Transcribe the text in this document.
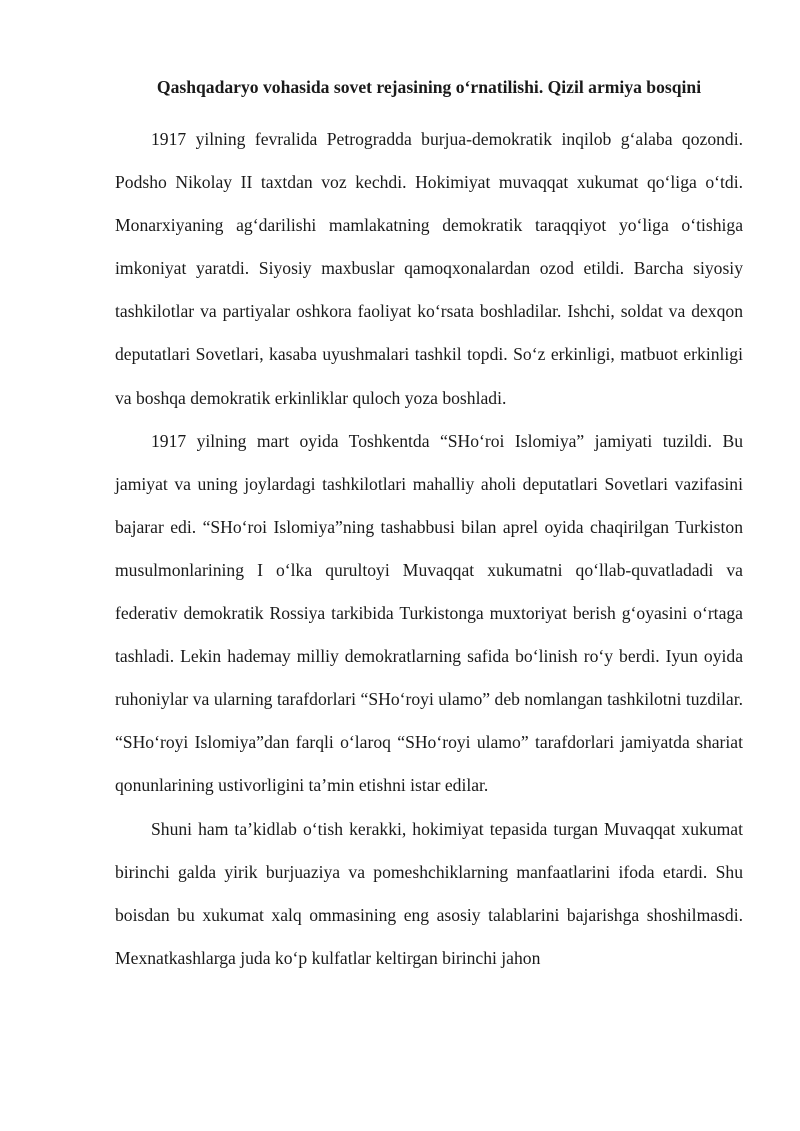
Qashqadaryo vohasida sovet rejasining o‘rnatilishi. Qizil armiya bosqini

1917 yilning fevralida Petrogradda burjua-demokratik inqilob g‘alaba qozondi. Podsho Nikolay II taxtdan voz kechdi. Hokimiyat muvaqqat xukumat qo‘liga o‘tdi. Monarxiyaning ag‘darilishi mamlakatning demokratik taraqqiyot yo‘liga o‘tishiga imkoniyat yaratdi. Siyosiy maxbuslar qamoqxonalardan ozod etildi. Barcha siyosiy tashkilotlar va partiyalar oshkora faoliyat ko‘rsata boshladilar. Ishchi, soldat va dexqon deputatlari Sovetlari, kasaba uyushmalari tashkil topdi. So‘z erkinligi, matbuot erkinligi va boshqa demokratik erkinliklar quloch yoza boshladi.

1917 yilning mart oyida Toshkentda “SHo‘roi Islomiya” jamiyati tuzildi. Bu jamiyat va uning joylardagi tashkilotlari mahalliy aholi deputatlari Sovetlari vazifasini bajarar edi. “SHo‘roi Islomiya”ning tashabbusi bilan aprel oyida chaqirilgan Turkiston musulmonlarining I o‘lka qurultoyi Muvaqqat xukumatni qo‘llab-quvatladadi va federativ demokratik Rossiya tarkibida Turkistonga muxtoriyat berish g‘oyasini o‘rtaga tashladi. Lekin hademay milliy demokratlarning safida bo‘linish ro‘y berdi. Iyun oyida ruhoniylar va ularning tarafdorlari “SHo‘royi ulamo” deb nomlangan tashkilotni tuzdilar. “SHo‘royi Islomiya”dan farqli o‘laroq “SHo‘royi ulamo” tarafdorlari jamiyatda shariat qonunlarining ustivorligini ta’min etishni istar edilar.

Shuni ham ta’kidlab o‘tish kerakki, hokimiyat tepasida turgan Muvaqqat xukumat birinchi galda yirik burjuaziya va pomeshchiklarning manfaatlarini ifoda etardi. Shu boisdan bu xukumat xalq ommasining eng asosiy talablarini bajarishga shoshilmasdi. Mexnatkashlarga juda ko‘p kulfatlar keltirgan birinchi jahon
